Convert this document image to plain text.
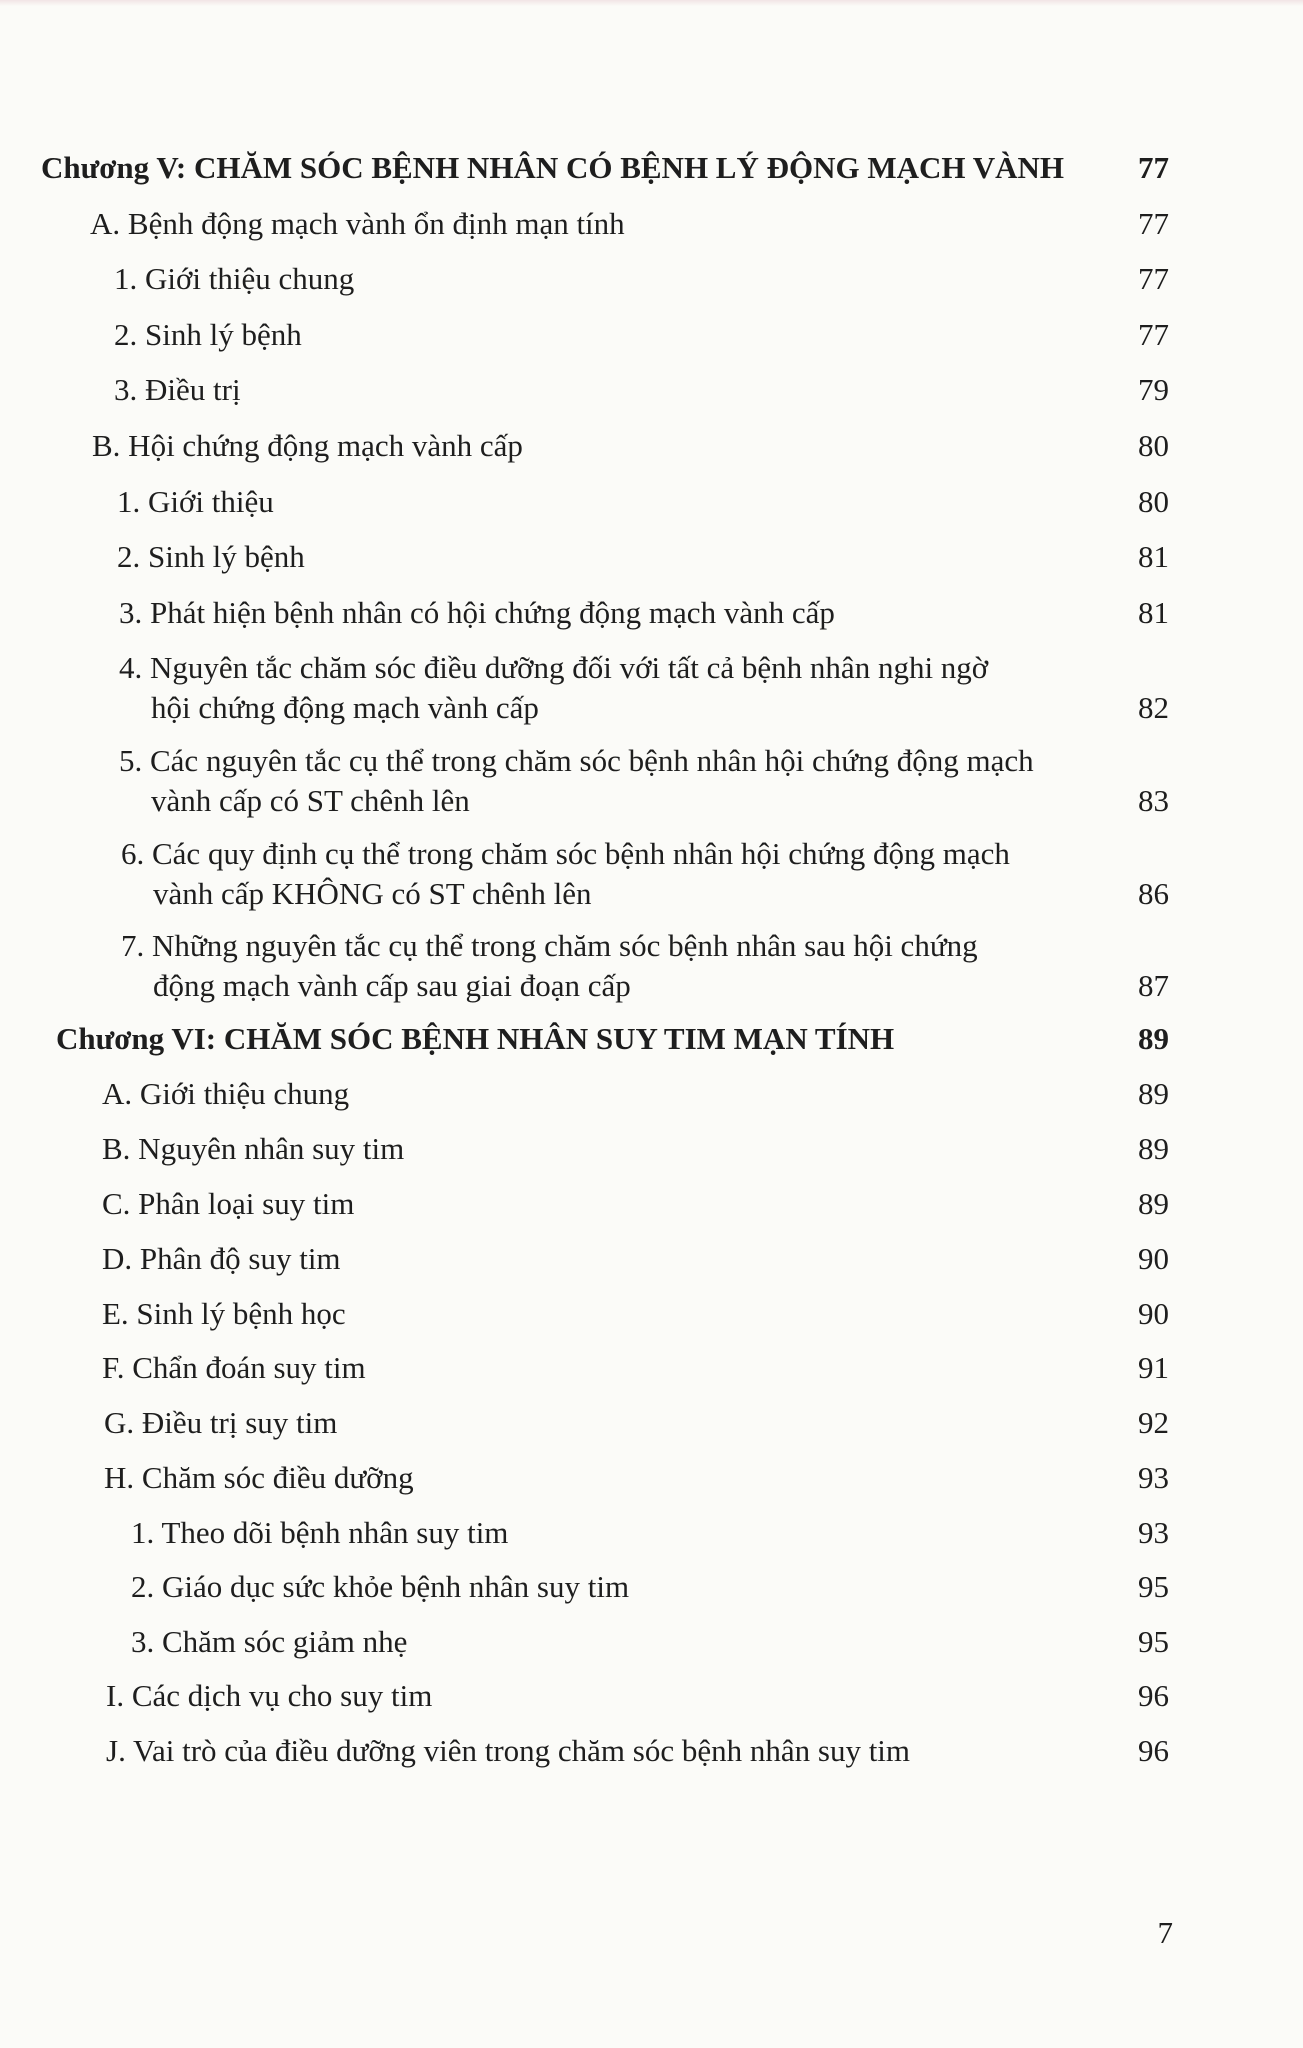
Chương V: CHĂM SÓC BỆNH NHÂN CÓ BỆNH LÝ ĐỘNG MẠCH VÀNH 77
A. Bệnh động mạch vành ổn định mạn tính	77
1. Giới thiệu chung	77
2. Sinh lý bệnh	77
3. Điều trị	79
B. Hội chứng động mạch vành cấp	80
1. Giới thiệu	80
2. Sinh lý bệnh	81
3. Phát hiện bệnh nhân có hội chứng động mạch vành cấp	81
4. Nguyên tắc chăm sóc điều dưỡng đối với tất cả bệnh nhân nghi ngờ
hội chứng động mạch vành cấp	82
5. Các nguyên tắc cụ thể trong chăm sóc bệnh nhân hội chứng động mạch
vành cấp có ST chênh lên	83
6. Các quy định cụ thể trong chăm sóc bệnh nhân hội chứng động mạch
vành cấp KHÔNG có ST chênh lên	86
7. Những nguyên tắc cụ thể trong chăm sóc bệnh nhân sau hội chứng
động mạch vành cấp sau giai đoạn cấp	87
Chương VI: CHĂM SÓC BỆNH NHÂN SUY TIM MẠN TÍNH	89
A. Giới thiệu chung	89
B. Nguyên nhân suy tim	89
C. Phân loại suy tim	89
D. Phân độ suy tim	90
E. Sinh lý bệnh học	90
F. Chẩn đoán suy tim	91
G. Điều trị suy tim	92
H. Chăm sóc điều dưỡng	93
1. Theo dõi bệnh nhân suy tim	93
2. Giáo dục sức khỏe bệnh nhân suy tim	95
3. Chăm sóc giảm nhẹ	95
I. Các dịch vụ cho suy tim	96
J. Vai trò của điều dưỡng viên trong chăm sóc bệnh nhân suy tim	96
7
